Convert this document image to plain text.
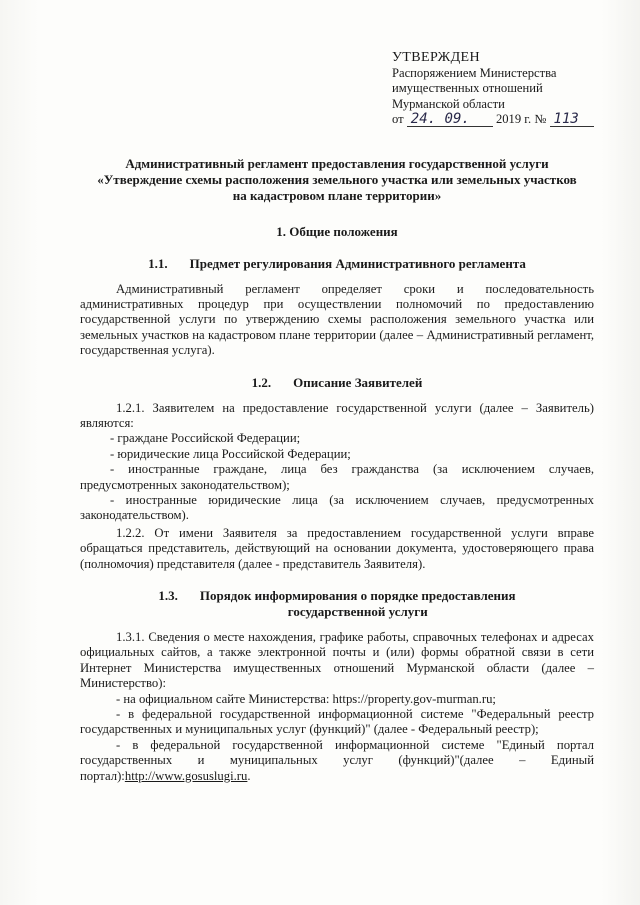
УТВЕРЖДЕН
Распоряжением Министерства
имущественных отношений
Мурманской области
от 24. 09. 2019 г. № 113
Административный регламент предоставления государственной услуги
«Утверждение схемы расположения земельного участка или земельных участков
на кадастровом плане территории»
1. Общие положения
1.1. Предмет регулирования Административного регламента

Административный регламент определяет сроки и последовательность административных процедур при осуществлении полномочий по предоставлению государственной услуги по утверждению схемы расположения земельного участка или земельных участков на кадастровом плане территории (далее – Административный регламент, государственная услуга).

1.2. Описание Заявителей

1.2.1. Заявителем на предоставление государственной услуги (далее – Заявитель) являются:

- граждане Российской Федерации;

- юридические лица Российской Федерации;

- иностранные граждане, лица без гражданства (за исключением случаев, предусмотренных законодательством);

- иностранные юридические лица (за исключением случаев, предусмотренных законодательством).

1.2.2. От имени Заявителя за предоставлением государственной услуги вправе обращаться представитель, действующий на основании документа, удостоверяющего права (полномочия) представителя (далее - представитель Заявителя).

1.3. Порядок информирования о порядке предоставления
государственной услуги

1.3.1. Сведения о месте нахождения, графике работы, справочных телефонах и адресах официальных сайтов, а также электронной почты и (или) формы обратной связи в сети Интернет Министерства имущественных отношений Мурманской области (далее – Министерство):

- на официальном сайте Министерства: https://property.gov-murman.ru;

- в федеральной государственной информационной системе "Федеральный реестр государственных и муниципальных услуг (функций)" (далее - Федеральный реестр);

- в федеральной государственной информационной системе "Единый портал государственных и муниципальных услуг (функций)"(далее – Единый портал):http://www.gosuslugi.ru.
